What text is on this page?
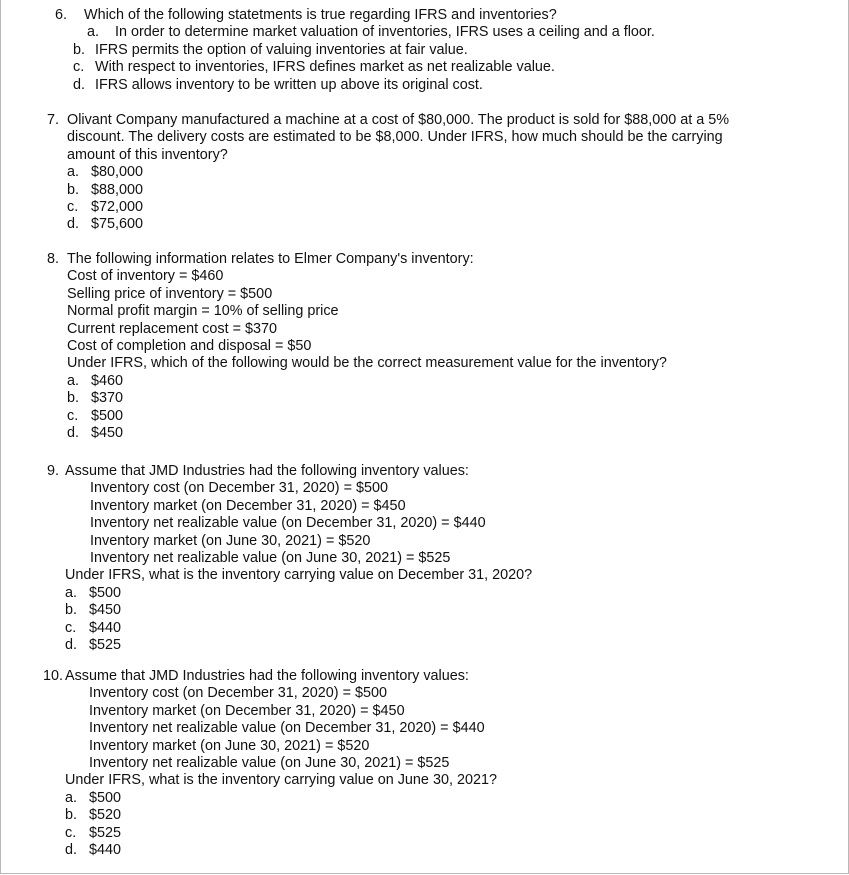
6. Which of the following statetments is true regarding IFRS and inventories?
a. In order to determine market valuation of inventories, IFRS uses a ceiling and a floor.
b. IFRS permits the option of valuing inventories at fair value.
c. With respect to inventories, IFRS defines market as net realizable value.
d. IFRS allows inventory to be written up above its original cost.
7. Olivant Company manufactured a machine at a cost of $80,000. The product is sold for $88,000 at a 5%
discount. The delivery costs are estimated to be $8,000. Under IFRS, how much should be the carrying
amount of this inventory?
a. $80,000
b. $88,000
c. $72,000
d. $75,600
8. The following information relates to Elmer Company's inventory:
Cost of inventory = $460
Selling price of inventory = $500
Normal profit margin = 10% of selling price
Current replacement cost = $370
Cost of completion and disposal = $50
Under IFRS, which of the following would be the correct measurement value for the inventory?
a. $460
b. $370
c. $500
d. $450
9. Assume that JMD Industries had the following inventory values:
Inventory cost (on December 31, 2020) = $500
Inventory market (on December 31, 2020) = $450
Inventory net realizable value (on December 31, 2020) = $440
Inventory market (on June 30, 2021) = $520
Inventory net realizable value (on June 30, 2021) = $525
Under IFRS, what is the inventory carrying value on December 31, 2020?
a. $500
b. $450
c. $440
d. $525
10. Assume that JMD Industries had the following inventory values:
Inventory cost (on December 31, 2020) = $500
Inventory market (on December 31, 2020) = $450
Inventory net realizable value (on December 31, 2020) = $440
Inventory market (on June 30, 2021) = $520
Inventory net realizable value (on June 30, 2021) = $525
Under IFRS, what is the inventory carrying value on June 30, 2021?
a. $500
b. $520
c. $525
d. $440
